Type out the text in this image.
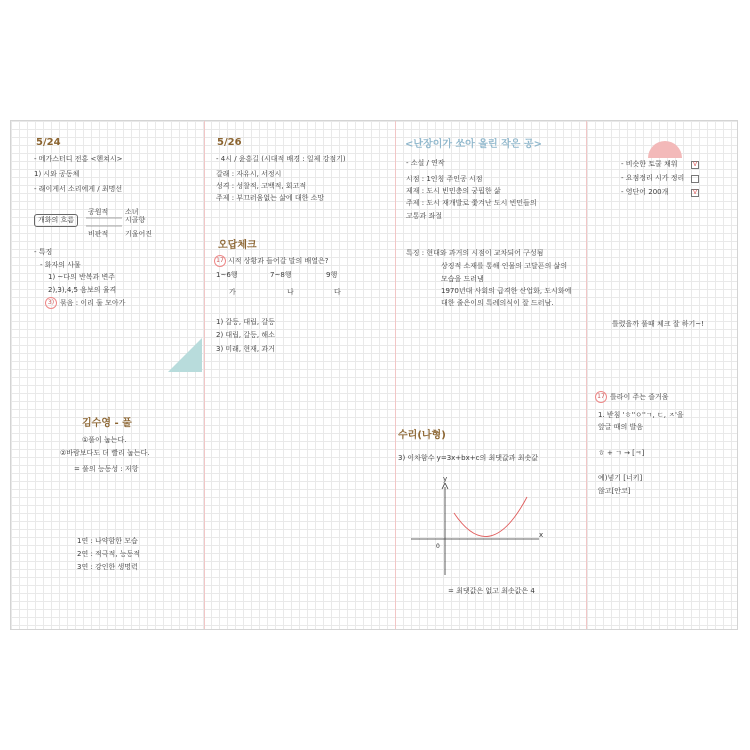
5/24
- 메가스터디 전홍 <헨쳐시>
1) 시와 공동체
- 래이게서 소리에게 / 최명선
개화의 흐름
공원적 소녀
시골향
비판적 기울어진
- 특징
- 화자의 사물
1) ~다의 반복과 변주
2),3),4,5 음보의 율격
3) 묶음 : 이리 둘 모아가
김수영 - 풀
①풀이 눕는다.
②바람보다도 더 빨리 눕는다.
= 풀의 능동성 : 저항
1연 : 나약함한 모습
2연 : 적극적, 능동적
3연 : 강인한 생명력
5/26
- 4시 / 윤흥길 (시대적 배경 : 일제 강점기)
갈래 : 자유시, 서정시
성격 : 성찰적, 고백적, 회고적
주제 : 부끄러움없는 삶에 대한 소망
오답체크
17 시적 상황과 들어갈 말의 배열은?
1~6행	7~8행	9행
가	나	다
1) 갈등, 대립, 갈등
2) 대립, 갈등, 해소
3) 미래, 현재, 과거
<난장이가 쏘아 올린 작은 공>
- 소설 / 연작
시점 : 1인칭 주인공 시점
제재 : 도시 빈민층의 궁핍한 삶
주제 : 도시 재개발로 쫓겨난 도시 빈민들의
고통과 좌절
특징 : 현대와 과거의 시점이 교차되어 구성됨
상징적 소재를 통해 인물의 고달픈의 삶의
모습을 드러냄
1970년대 사회의 급격한 산업화, 도시화에
대한 줄은이의 특례의식이 잘 드러남.
수리(나형)
3) 이차함수 y=3x+bx+c의 최댓값과 최솟값
y
x
0
= 최댓값은 없고 최솟값은 4
- 비슷한 토쿨 채워	V
- 요점정리 시가 정리
- 영단어 200개	V
틀렸을까 풀때 체크 잘 하기~!
17 틀라이 주는 즐거움
1. 받침 'ㅎ''ㅇ''ㄱ, ㄷ, ㅈ'을
앞글 때의 발음
ㅎ + ㄱ → [ㅋ]
예)넣기 [너키]
않고[안코]
